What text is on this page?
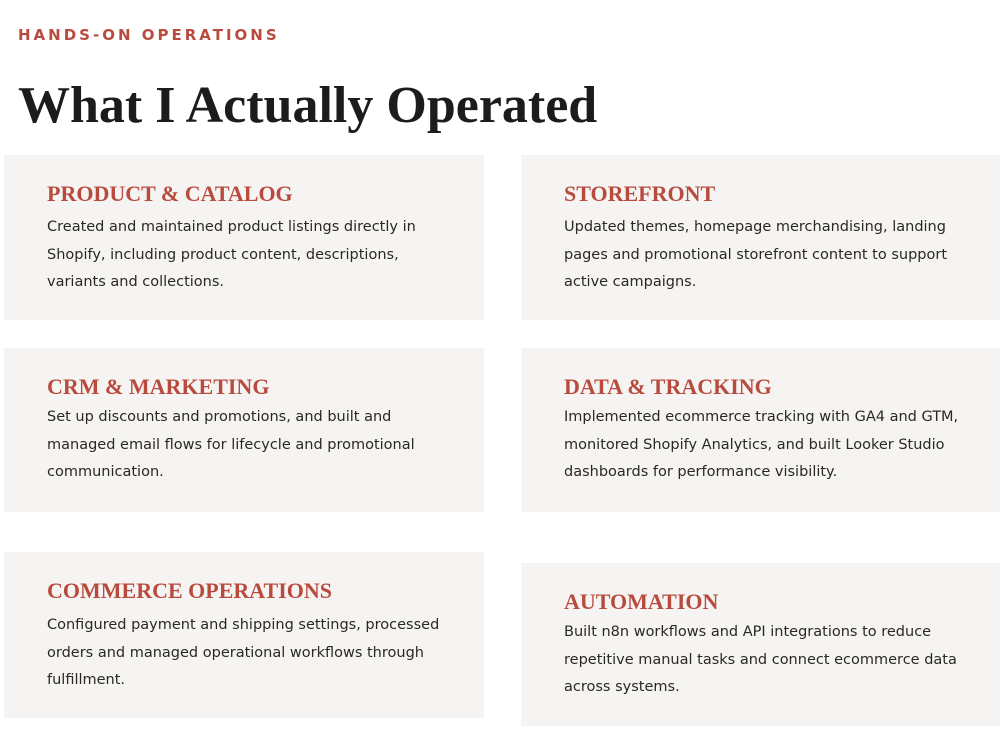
HANDS-ON OPERATIONS

What I Actually Operated
PRODUCT & CATALOG

Created and maintained product listings directly in Shopify, including product content, descriptions, variants and collections.

STOREFRONT

Updated themes, homepage merchandising, landing pages and promotional storefront content to support active campaigns.

CRM & MARKETING

Set up discounts and promotions, and built and managed email flows for lifecycle and promotional communication.

DATA & TRACKING

Implemented ecommerce tracking with GA4 and GTM, monitored Shopify Analytics, and built Looker Studio dashboards for performance visibility.

COMMERCE OPERATIONS

Configured payment and shipping settings, processed orders and managed operational workflows through fulfillment.

AUTOMATION

Built n8n workflows and API integrations to reduce repetitive manual tasks and connect ecommerce data across systems.
